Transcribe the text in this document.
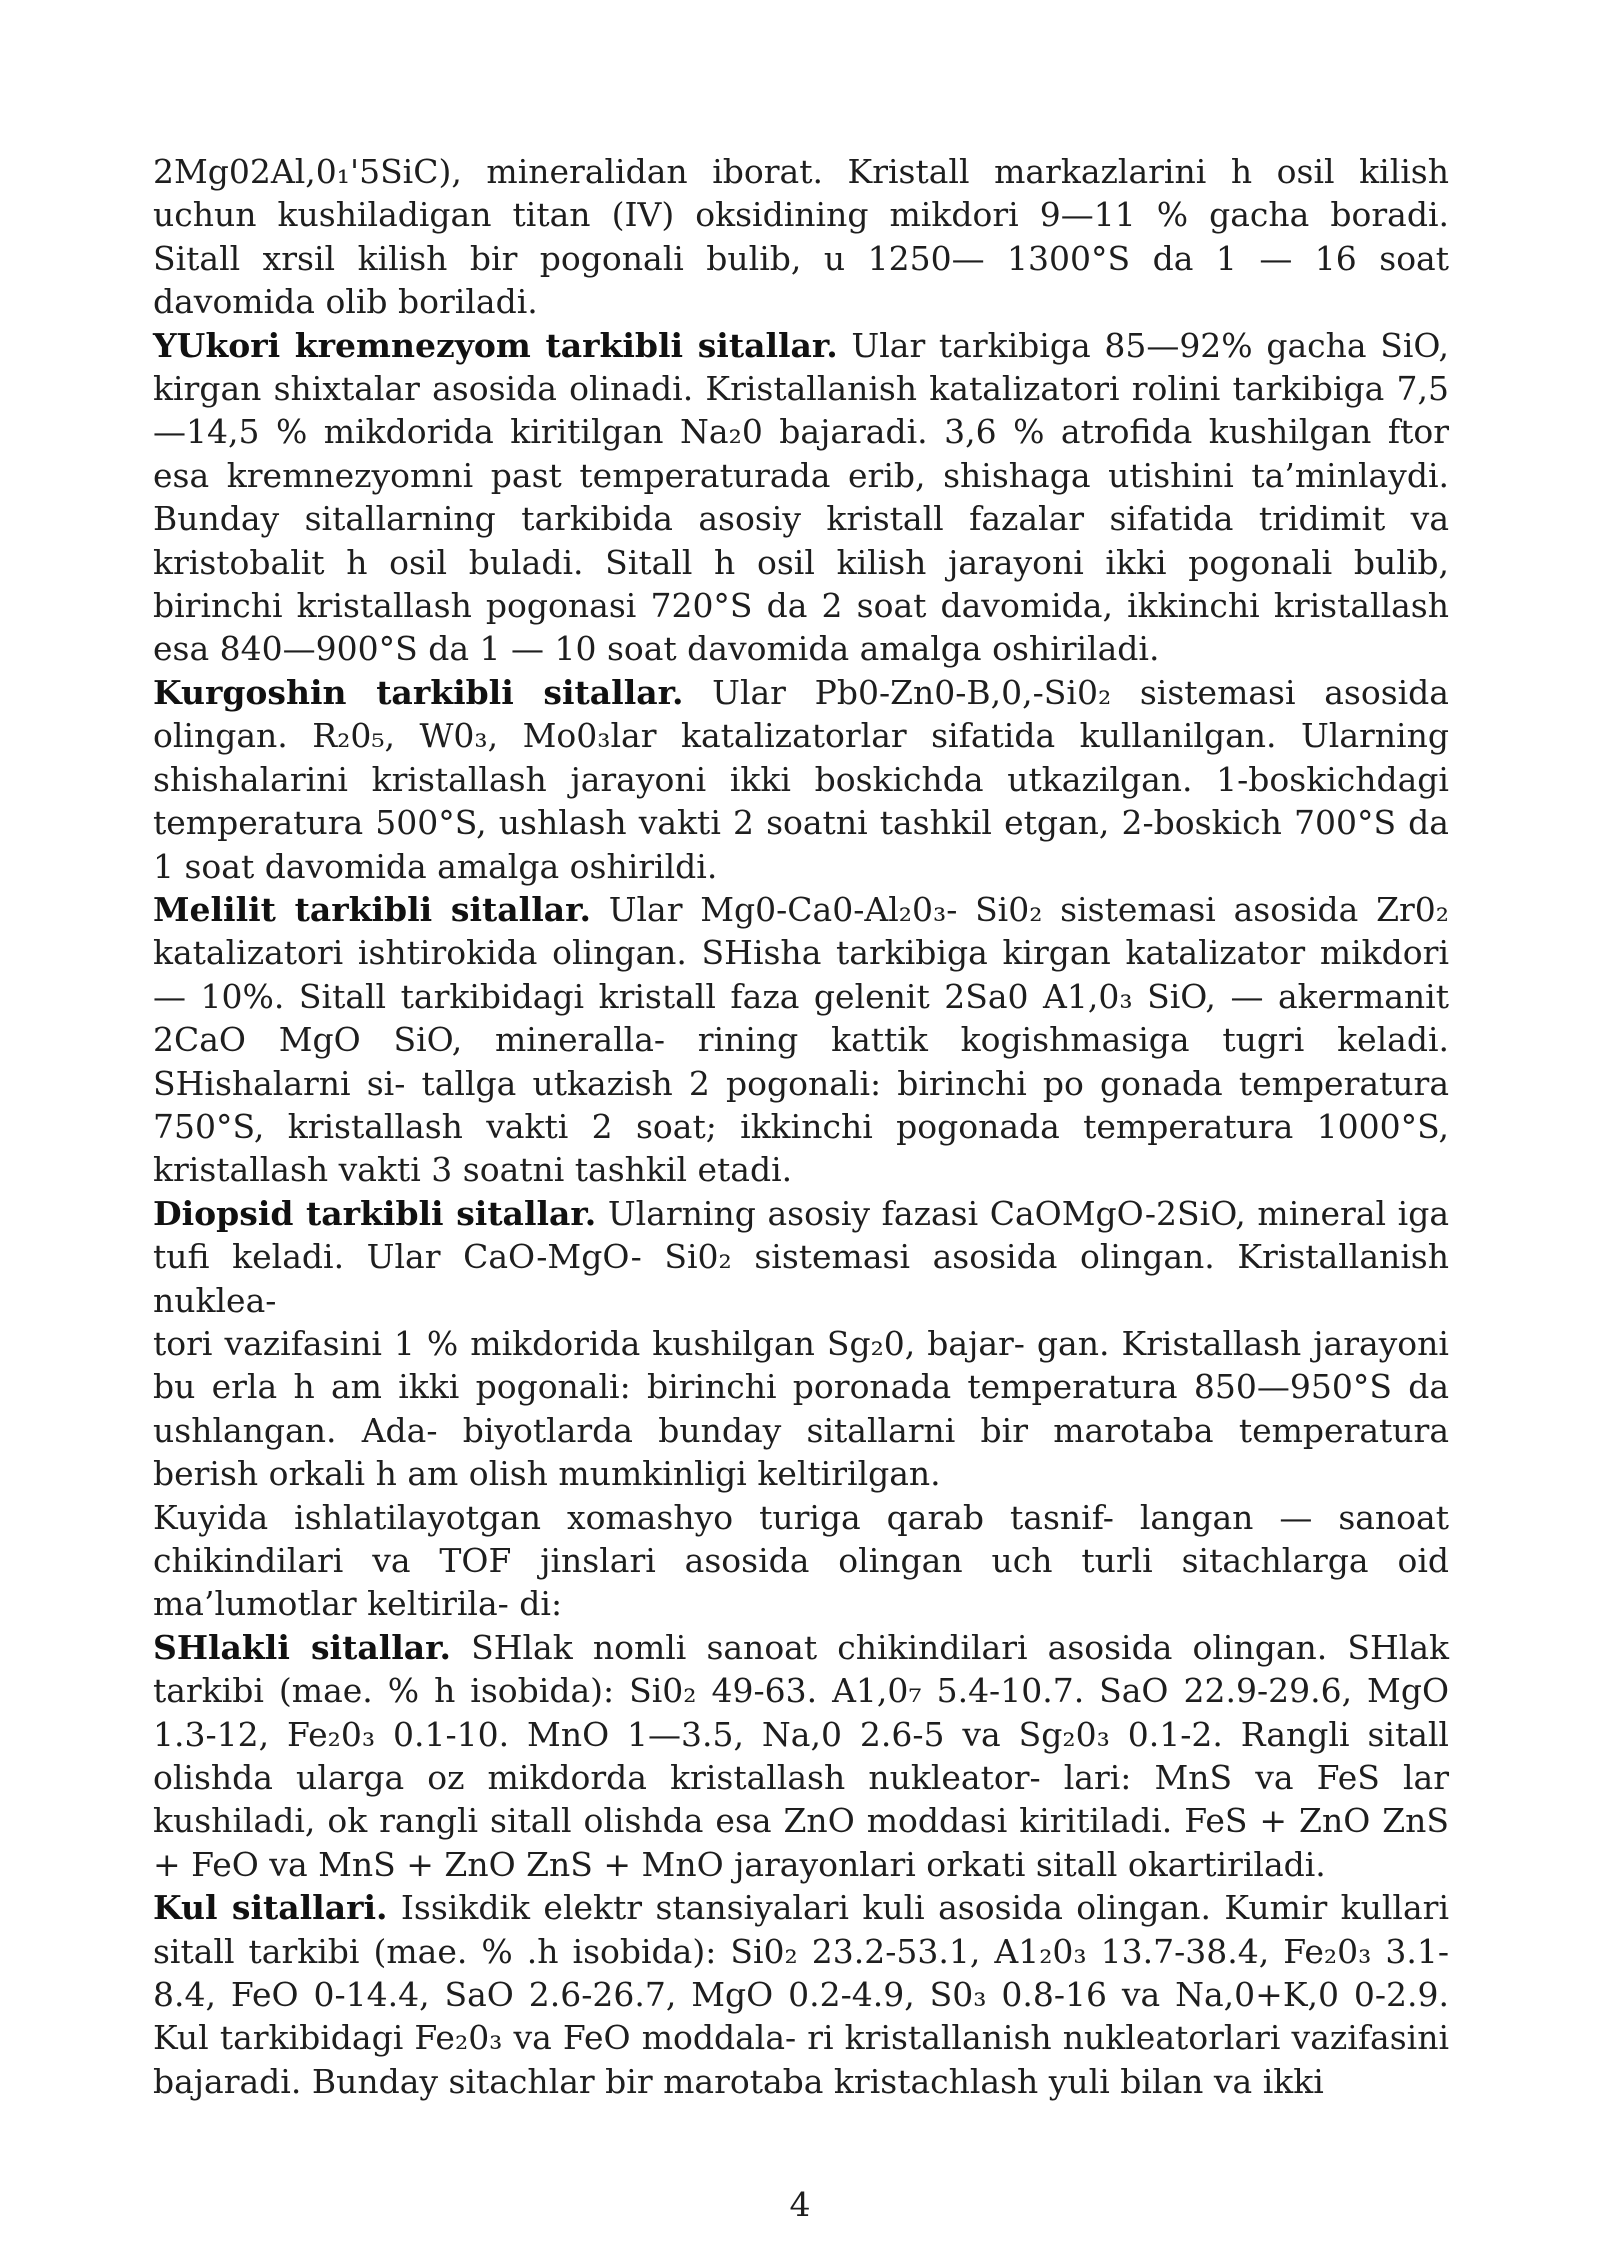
2Mg02Al,0₁'5SiC), mineralidan iborat. Kristall markazlarini h osil kilish uchun kushiladigan titan (IV) oksidining mikdori 9—11 % gacha boradi. Sitall xrsil kilish bir pogonali bulib, u 1250— 1300°S da 1 — 16 soat davomida olib boriladi.

YUkori kremnezyom tarkibli sitallar. Ular tarkibiga 85—92% gacha SiO, kirgan shixtalar asosida olinadi. Kristallanish katalizatori rolini tarkibiga 7,5 —14,5 % mikdorida kiritilgan Na₂0 bajaradi. 3,6 % atrofida kushilgan ftor esa kremnezyomni past temperaturada erib, shishaga utishini ta’minlaydi. Bunday sitallarning tarkibida asosiy kristall fazalar sifatida tridimit va kristobalit h osil buladi. Sitall h osil kilish jarayoni ikki pogonali bulib, birinchi kristallash pogonasi 720°S da 2 soat davomida, ikkinchi kristallash esa 840—900°S da 1 — 10 soat davomida amalga oshiriladi.

Kurgoshin tarkibli sitallar. Ular Pb0-Zn0-B,0,-Si0₂ sistemasi asosida olingan. R₂0₅, W0₃, Mo0₃lar katalizatorlar sifatida kullanilgan. Ularning shishalarini kristallash jarayoni ikki boskichda utkazilgan. 1-boskichdagi temperatura 500°S, ushlash vakti 2 soatni tashkil etgan, 2-boskich 700°S da 1 soat davomida amalga oshirildi.

Melilit tarkibli sitallar. Ular Mg0-Ca0-Al₂0₃- Si0₂ sistemasi asosida Zr0₂ katalizatori ishtirokida olingan. SHisha tarkibiga kirgan katalizator mikdori — 10%. Sitall tarkibidagi kristall faza gelenit 2Sa0 A1,0₃ SiO, — akermanit 2CaO MgO SiO, mineralla- rining kattik kogishmasiga tugri keladi. SHishalarni si- tallga utkazish 2 pogonali: birinchi po gonada temperatura 750°S, kristallash vakti 2 soat; ikkinchi pogonada temperatura 1000°S, kristallash vakti 3 soatni tashkil etadi.

Diopsid tarkibli sitallar. Ularning asosiy fazasi CaOMgO-2SiO, mineral iga tufi keladi. Ular CaO-MgO- Si0₂ sistemasi asosida olingan. Kristallanish nuklea-

tori vazifasini 1 % mikdorida kushilgan Sg₂0, bajar- gan. Kristallash jarayoni bu erla h am ikki pogonali: birinchi poronada temperatura 850—950°S da ushlangan. Ada- biyotlarda bunday sitallarni bir marotaba temperatura berish orkali h am olish mumkinligi keltirilgan.

Kuyida ishlatilayotgan xomashyo turiga qarab tasnif- langan — sanoat chikindilari va TOF jinslari asosida olingan uch turli sitachlarga oid ma’lumotlar keltirila- di:

SHlakli sitallar. SHlak nomli sanoat chikindilari asosida olingan. SHlak tarkibi (mae. % h isobida): Si0₂ 49-63. A1,0₇ 5.4-10.7. SaO 22.9-29.6, MgO 1.3-12, Fe₂0₃ 0.1-10. MnO 1—3.5, Na,0 2.6-5 va Sg₂0₃ 0.1-2. Rangli sitall olishda ularga oz mikdorda kristallash nukleator- lari: MnS va FeS lar kushiladi, ok rangli sitall olishda esa ZnO moddasi kiritiladi. FeS + ZnO ZnS + FeO va MnS + ZnO ZnS + MnO jarayonlari orkati sitall okartiriladi.

Kul sitallari. Issikdik elektr stansiyalari kuli asosida olingan. Kumir kullari sitall tarkibi (mae. % .h isobida): Si0₂ 23.2-53.1, A1₂0₃ 13.7-38.4, Fe₂0₃ 3.1-8.4, FeO 0-14.4, SaO 2.6-26.7, MgO 0.2-4.9, S0₃ 0.8-16 va Na,0+K,0 0-2.9. Kul tarkibidagi Fe₂0₃ va FeO moddala- ri kristallanish nukleatorlari vazifasini bajaradi. Bunday sitachlar bir marotaba kristachlash yuli bilan va ikki

4
